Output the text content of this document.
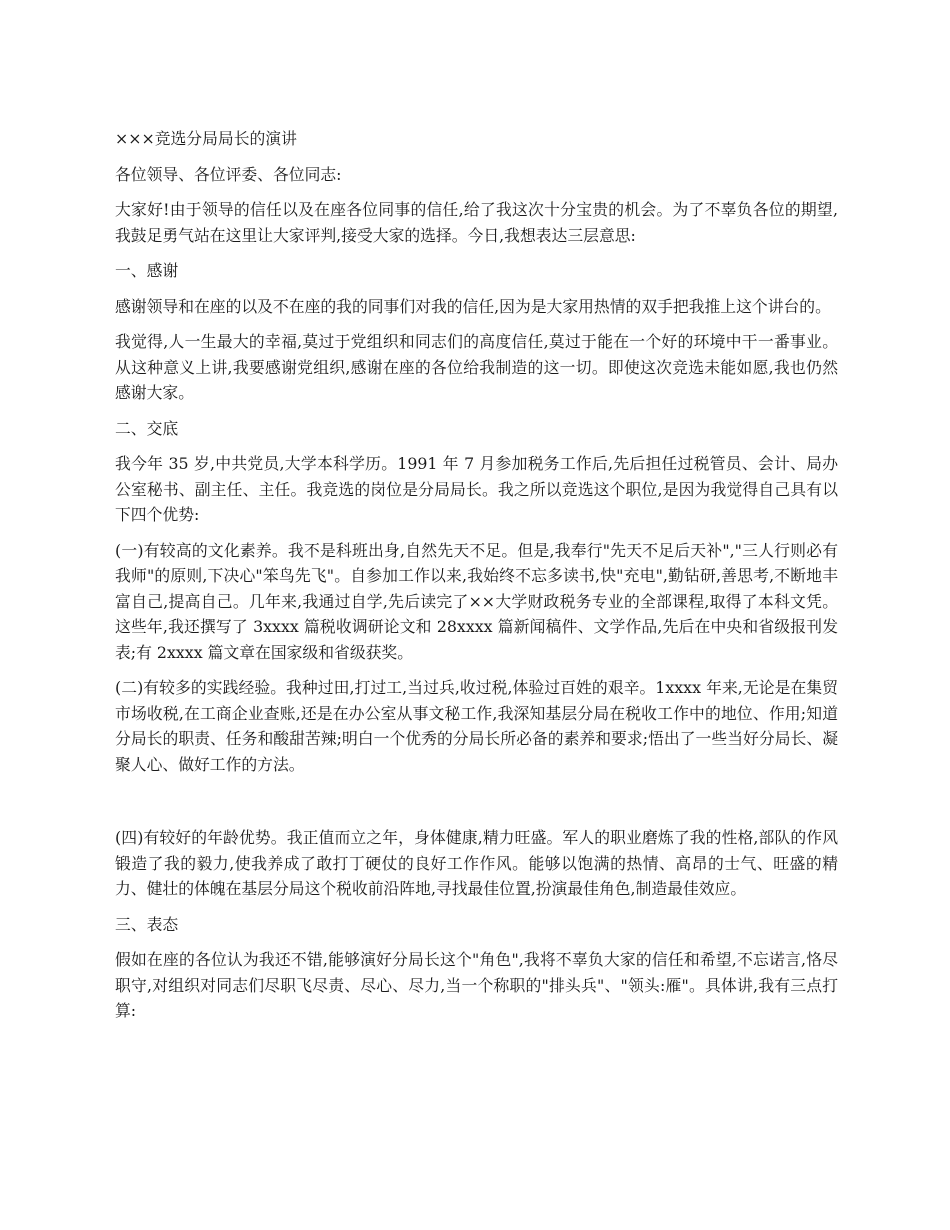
×××竞选分局局长的演讲

各位领导、各位评委、各位同志:

大家好!由于领导的信任以及在座各位同事的信任,给了我这次十分宝贵的机会。为了不辜负各位的期望,我鼓足勇气站在这里让大家评判,接受大家的选择。今日,我想表达三层意思:

一、感谢

感谢领导和在座的以及不在座的我的同事们对我的信任,因为是大家用热情的双手把我推上这个讲台的。

我觉得,人一生最大的幸福,莫过于党组织和同志们的高度信任,莫过于能在一个好的环境中干一番事业。从这种意义上讲,我要感谢党组织,感谢在座的各位给我制造的这一切。即使这次竞选未能如愿,我也仍然感谢大家。

二、交底

我今年 35 岁,中共党员,大学本科学历。1991 年 7 月参加税务工作后,先后担任过税管员、会计、局办公室秘书、副主任、主任。我竞选的岗位是分局局长。我之所以竞选这个职位,是因为我觉得自己具有以下四个优势:

(一)有较高的文化素养。我不是科班出身,自然先天不足。但是,我奉行"先天不足后天补","三人行则必有我师"的原则,下决心"笨鸟先飞"。自参加工作以来,我始终不忘多读书,快"充电",勤钻研,善思考,不断地丰富自己,提高自己。几年来,我通过自学,先后读完了××大学财政税务专业的全部课程,取得了本科文凭。这些年,我还撰写了 3xxxx 篇税收调研论文和 28xxxx 篇新闻稿件、文学作品,先后在中央和省级报刊发表;有 2xxxx 篇文章在国家级和省级获奖。

(二)有较多的实践经验。我种过田,打过工,当过兵,收过税,体验过百姓的艰辛。1xxxx 年来,无论是在集贸市场收税,在工商企业查账,还是在办公室从事文秘工作,我深知基层分局在税收工作中的地位、作用;知道分局长的职责、任务和酸甜苦辣;明白一个优秀的分局长所必备的素养和要求;悟出了一些当好分局长、凝聚人心、做好工作的方法。

(四)有较好的年龄优势。我正值而立之年，身体健康,精力旺盛。军人的职业磨炼了我的性格,部队的作风锻造了我的毅力,使我养成了敢打丁硬仗的良好工作作风。能够以饱满的热情、高昂的士气、旺盛的精力、健壮的体魄在基层分局这个税收前沿阵地,寻找最佳位置,扮演最佳角色,制造最佳效应。

三、表态

假如在座的各位认为我还不错,能够演好分局长这个"角色",我将不辜负大家的信任和希望,不忘诺言,恪尽职守,对组织对同志们尽职飞尽责、尽心、尽力,当一个称职的"排头兵"、"领头:雁"。具体讲,我有三点打算:
